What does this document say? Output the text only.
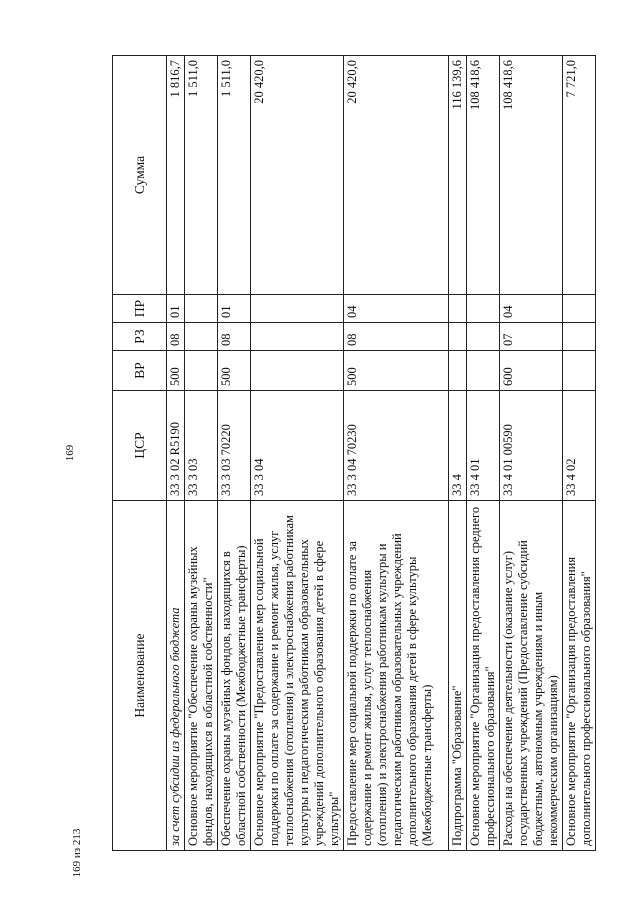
169
Наименование	ЦСР	ВР	РЗ	ПР	Сумма
за счет субсидии из федерального бюджета	33 3 02 R5190	500	08	01	1 816,7
Основное мероприятие "Обеспечение охраны музейных фондов, находящихся в областной собственности"	33 3 03				1 511,0
Обеспечение охраны музейных фондов, находящихся в областной собственности (Межбюджетные трансферты)	33 3 03 70220	500	08	01	1 511,0
Основное мероприятие "Предоставление мер социальной поддержки по оплате за содержание и ремонт жилья, услуг теплоснабжения (отопления) и электроснабжения работникам культуры и педагогическим работникам образовательных учреждений дополнительного образования детей в сфере культуры"	33 3 04				20 420,0
Предоставление мер социальной поддержки по оплате за содержание и ремонт жилья, услуг теплоснабжения (отопления) и электроснабжения работникам культуры и педагогическим работникам образовательных учреждений дополнительного образования детей в сфере культуры (Межбюджетные трансферты)	33 3 04 70230	500	08	04	20 420,0
Подпрограмма "Образование"	33 4				116 139,6
Основное мероприятие "Организация предоставления среднего профессионального образования"	33 4 01				108 418,6
Расходы на обеспечение деятельности (оказание услуг) государственных учреждений (Предоставление субсидий бюджетным, автономным учреждениям и иным некоммерческим организациям)	33 4 01 00590	600	07	04	108 418,6
Основное мероприятие "Организация предоставления дополнительного профессионального образования"	33 4 02				7 721,0
169 из 213
